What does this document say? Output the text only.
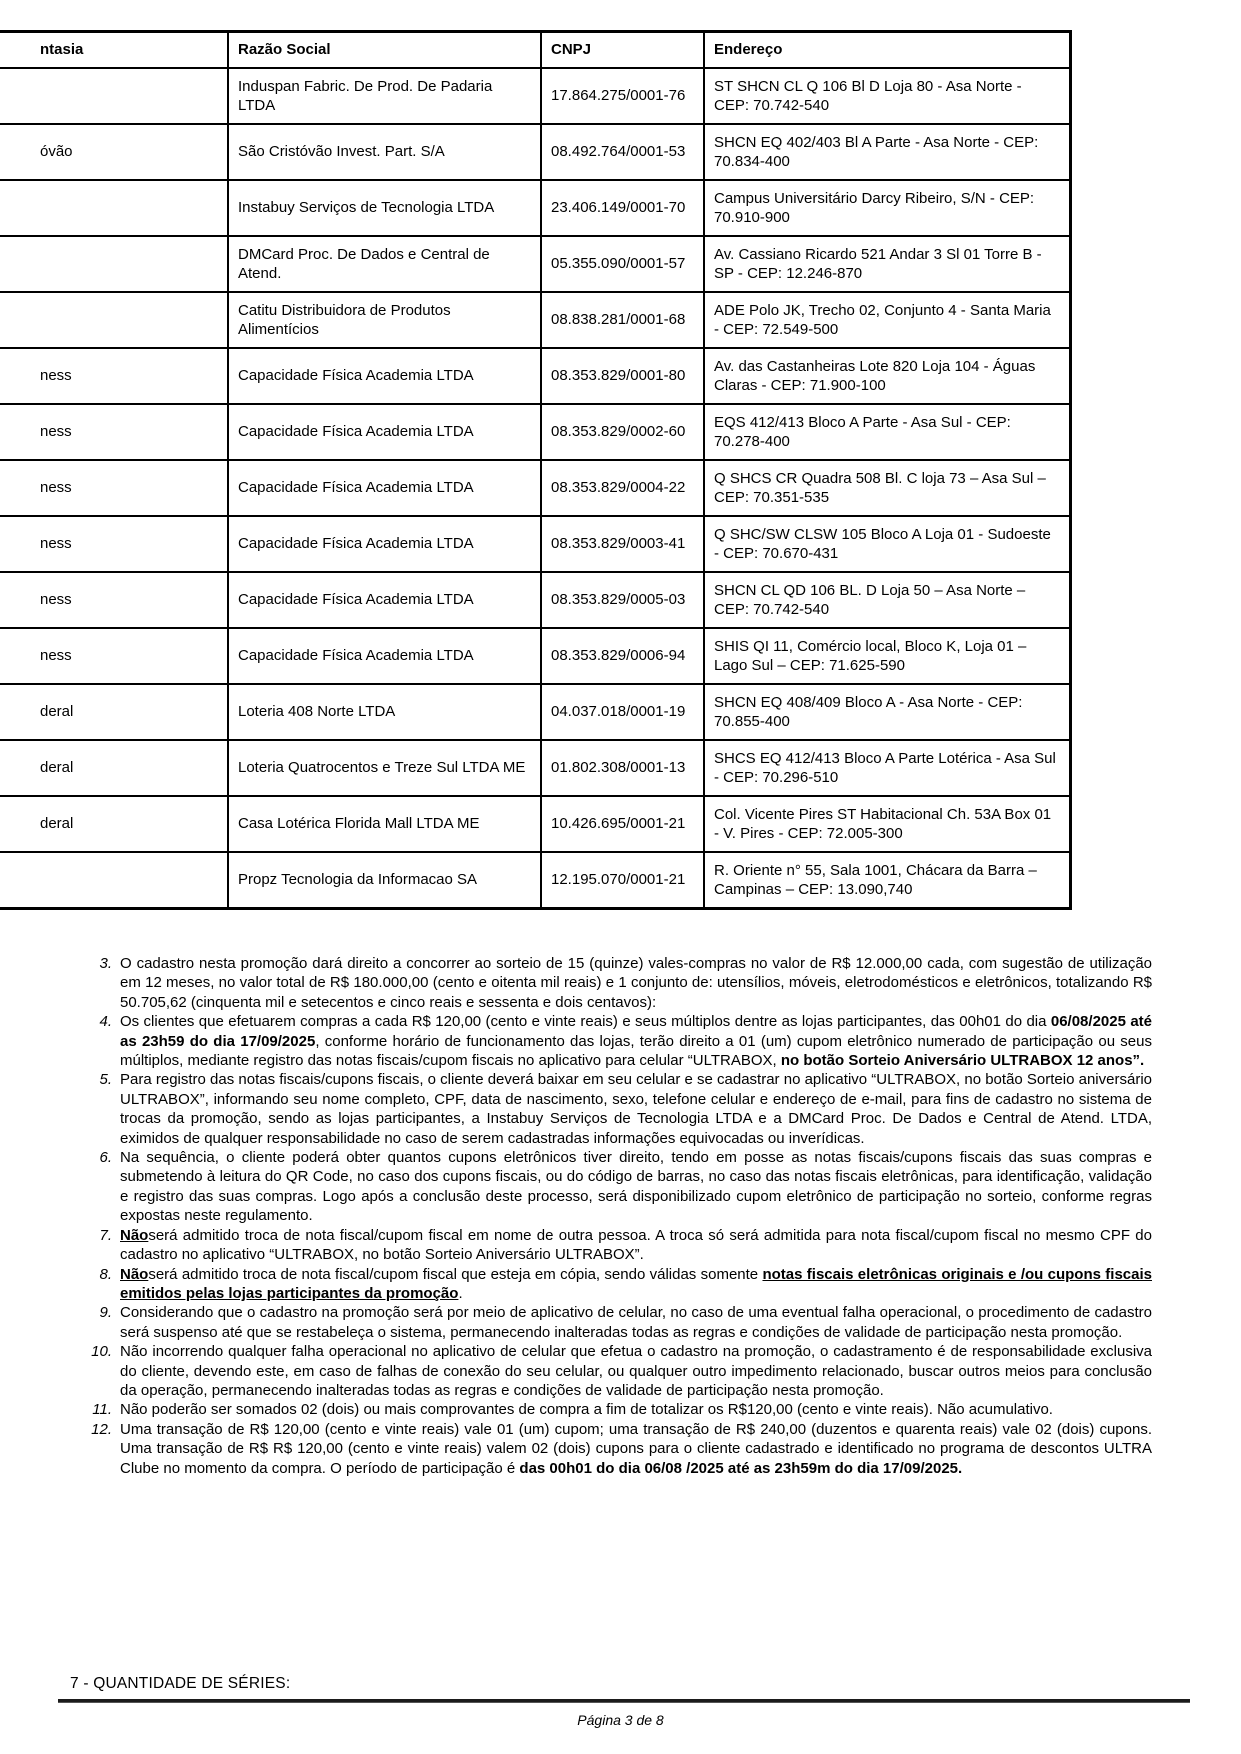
ntasia	Razão Social	CNPJ	Endereço
	Induspan Fabric. De Prod. De Padaria LTDA	17.864.275/0001-76	ST SHCN CL Q 106 Bl D Loja 80 - Asa Norte - CEP: 70.742-540
óvão	São Cristóvão Invest. Part. S/A	08.492.764/0001-53	SHCN EQ 402/403 Bl A Parte - Asa Norte - CEP: 70.834-400
	Instabuy Serviços de Tecnologia LTDA	23.406.149/0001-70	Campus Universitário Darcy Ribeiro, S/N - CEP: 70.910-900
	DMCard Proc. De Dados e Central de Atend.	05.355.090/0001-57	Av. Cassiano Ricardo 521 Andar 3 Sl 01 Torre B - SP - CEP: 12.246-870
	Catitu Distribuidora de Produtos Alimentícios	08.838.281/0001-68	ADE Polo JK, Trecho 02, Conjunto 4 - Santa Maria - CEP: 72.549-500
ness	Capacidade Física Academia LTDA	08.353.829/0001-80	Av. das Castanheiras Lote 820 Loja 104 - Águas Claras - CEP: 71.900-100
ness	Capacidade Física Academia LTDA	08.353.829/0002-60	EQS 412/413 Bloco A Parte - Asa Sul - CEP: 70.278-400
ness	Capacidade Física Academia LTDA	08.353.829/0004-22	Q SHCS CR Quadra 508 Bl. C loja 73 – Asa Sul – CEP: 70.351-535
ness	Capacidade Física Academia LTDA	08.353.829/0003-41	Q SHC/SW CLSW 105 Bloco A Loja 01 - Sudoeste - CEP: 70.670-431
ness	Capacidade Física Academia LTDA	08.353.829/0005-03	SHCN CL QD 106 BL. D Loja 50 – Asa Norte – CEP: 70.742-540
ness	Capacidade Física Academia LTDA	08.353.829/0006-94	SHIS QI 11, Comércio local, Bloco K, Loja 01 – Lago Sul – CEP: 71.625-590
deral	Loteria 408 Norte LTDA	04.037.018/0001-19	SHCN EQ 408/409 Bloco A - Asa Norte - CEP: 70.855-400
deral	Loteria Quatrocentos e Treze Sul LTDA ME	01.802.308/0001-13	SHCS EQ 412/413 Bloco A Parte Lotérica - Asa Sul - CEP: 70.296-510
deral	Casa Lotérica Florida Mall LTDA ME	10.426.695/0001-21	Col. Vicente Pires ST Habitacional Ch. 53A Box 01 - V. Pires - CEP: 72.005-300
	Propz Tecnologia da Informacao SA	12.195.070/0001-21	R. Oriente n° 55, Sala 1001, Chácara da Barra – Campinas – CEP: 13.090,740
3. O cadastro nesta promoção dará direito a concorrer ao sorteio de 15 (quinze) vales-compras no valor de R$ 12.000,00 cada, com sugestão de utilização em 12 meses, no valor total de R$ 180.000,00 (cento e oitenta mil reais) e 1 conjunto de: utensílios, móveis, eletrodomésticos e eletrônicos, totalizando R$ 50.705,62 (cinquenta mil e setecentos e cinco reais e sessenta e dois centavos):
4. Os clientes que efetuarem compras a cada R$ 120,00 (cento e vinte reais) e seus múltiplos dentre as lojas participantes, das 00h01 do dia 06/08/2025 até as 23h59 do dia 17/09/2025, conforme horário de funcionamento das lojas, terão direito a 01 (um) cupom eletrônico numerado de participação ou seus múltiplos, mediante registro das notas fiscais/cupom fiscais no aplicativo para celular “ULTRABOX, no botão Sorteio Aniversário ULTRABOX 12 anos”.
5. Para registro das notas fiscais/cupons fiscais, o cliente deverá baixar em seu celular e se cadastrar no aplicativo “ULTRABOX, no botão Sorteio aniversário ULTRABOX”, informando seu nome completo, CPF, data de nascimento, sexo, telefone celular e endereço de e-mail, para fins de cadastro no sistema de trocas da promoção, sendo as lojas participantes, a Instabuy Serviços de Tecnologia LTDA e a DMCard Proc. De Dados e Central de Atend. LTDA, eximidos de qualquer responsabilidade no caso de serem cadastradas informações equivocadas ou inverídicas.
6. Na sequência, o cliente poderá obter quantos cupons eletrônicos tiver direito, tendo em posse as notas fiscais/cupons fiscais das suas compras e submetendo à leitura do QR Code, no caso dos cupons fiscais, ou do código de barras, no caso das notas fiscais eletrônicas, para identificação, validação e registro das suas compras. Logo após a conclusão deste processo, será disponibilizado cupom eletrônico de participação no sorteio, conforme regras expostas neste regulamento.
7. Nãoserá admitido troca de nota fiscal/cupom fiscal em nome de outra pessoa. A troca só será admitida para nota fiscal/cupom fiscal no mesmo CPF do cadastro no aplicativo “ULTRABOX, no botão Sorteio Aniversário ULTRABOX”.
8. Nãoserá admitido troca de nota fiscal/cupom fiscal que esteja em cópia, sendo válidas somente notas fiscais eletrônicas originais e /ou cupons fiscais emitidos pelas lojas participantes da promoção.
9. Considerando que o cadastro na promoção será por meio de aplicativo de celular, no caso de uma eventual falha operacional, o procedimento de cadastro será suspenso até que se restabeleça o sistema, permanecendo inalteradas todas as regras e condições de validade de participação nesta promoção.
10. Não incorrendo qualquer falha operacional no aplicativo de celular que efetua o cadastro na promoção, o cadastramento é de responsabilidade exclusiva do cliente, devendo este, em caso de falhas de conexão do seu celular, ou qualquer outro impedimento relacionado, buscar outros meios para conclusão da operação, permanecendo inalteradas todas as regras e condições de validade de participação nesta promoção.
11. Não poderão ser somados 02 (dois) ou mais comprovantes de compra a fim de totalizar os R$120,00 (cento e vinte reais). Não acumulativo.
12. Uma transação de R$ 120,00 (cento e vinte reais) vale 01 (um) cupom; uma transação de R$ 240,00 (duzentos e quarenta reais) vale 02 (dois) cupons. Uma transação de R$ R$ 120,00 (cento e vinte reais) valem 02 (dois) cupons para o cliente cadastrado e identificado no programa de descontos ULTRA Clube no momento da compra. O período de participação é das 00h01 do dia 06/08 /2025 até as 23h59m do dia 17/09/2025.
7 - QUANTIDADE DE SÉRIES:
Página 3 de 8
